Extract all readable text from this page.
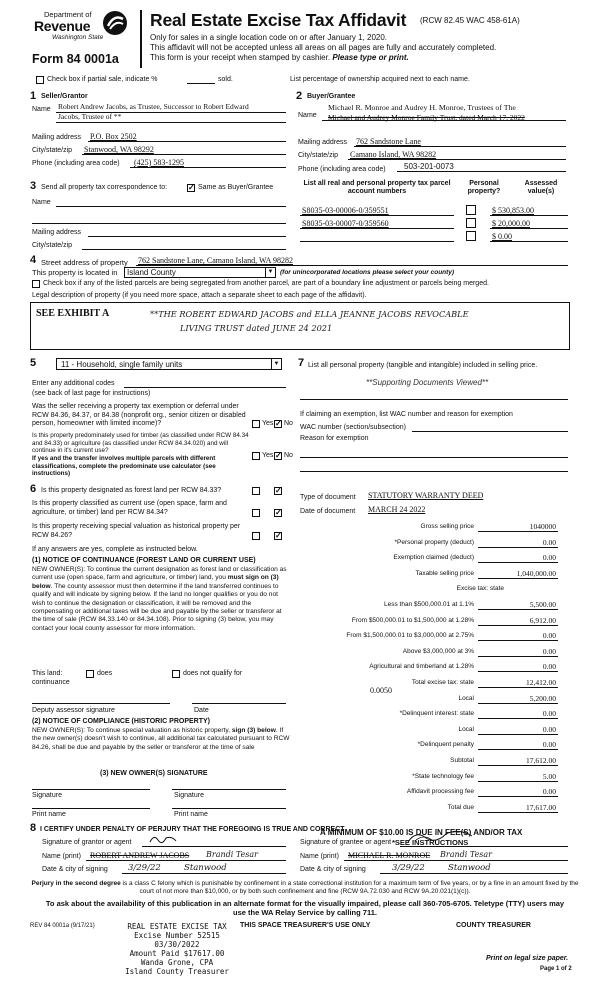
Department of
Revenue
Washington State
Form 84 0001a
Real Estate Excise Tax Affidavit (RCW 82.45 WAC 458-61A)
Only for sales in a single location code on or after January 1, 2020.
This affidavit will not be accepted unless all areas on all pages are fully and accurately completed.
This form is your receipt when stamped by cashier. Please type or print.
Check box if partial sale, indicate %	sold.	List percentage of ownership acquired next to each name.
1 Seller/Grantor
Name Robert Andrew Jacobs, as Trustee, Successor to Robert Edward
Jacobs, Trustee of **
Mailing address P.O. Box 2502
City/state/zip Stanwood, WA 98292
Phone (including area code) (425) 583-1295
2 Buyer/Grantee
Name
Michael R. Monroe and Audrey H. Monroe, Trustees of The
Michael and Audrey Monroe Family Trust, dated March 17, 2022
Mailing address 762 Sandstone Lane
City/state/zip Camano Island, WA 98282
Phone (including area code) 503-201-0073
3 Send all property tax correspondence to:	✓ Same as Buyer/Grantee
Name
Mailing address
City/state/zip
List all real and personal property tax parcel account numbers
Personal property?
Assessed value(s)
S8035-03-00006-0/359551	$ 530,853.00
S8035-03-00007-0/359560	$ 20,000.00
$ 0.00
4 Street address of property 762 Sandstone Lane, Camano Island, WA 98282
This property is located in Island County	▼ (for unincorporated locations please select your county)
Check box if any of the listed parcels are being segregated from another parcel, are part of a boundary line adjustment or parcels being merged.
Legal description of property (if you need more space, attach a separate sheet to each page of the affidavit).
SEE EXHIBIT A	**THE ROBERT EDWARD JACOBS and ELLA JEANNE JACOBS REVOCABLE
LIVING TRUST dated JUNE 24 2021
5	11 - Household, single family units	▼
Enter any additional codes
(see back of last page for instructions)
Was the seller receiving a property tax exemption or deferral under RCW 84.36, 84.37, or 84.38 (nonprofit org., senior citizen or disabled person, homeowner with limited income)?	Yes ✓ No
Is this property predominately used for timber (as classified under RCW 84.34 and 84.33) or agriculture (as classified under RCW 84.34.020) and will continue in it's current use?
If yes and the transfer involves multiple parcels with different classifications, complete the predominate use calculator (see instructions)
Yes ✓ No
6 Is this property designated as forest land per RCW 84.33?	✓
Is this property classified as current use (open space, farm and agriculture, or timber) land per RCW 84.34?	✓
Is this property receiving special valuation as historical property per RCW 84.26?	✓
If any answers are yes, complete as instructed below.
(1) NOTICE OF CONTINUANCE (FOREST LAND OR CURRENT USE)
NEW OWNER(S): To continue the current designation as forest land or classification as current use (open space, farm and agriculture, or timber) land, you must sign on (3) below. The county assessor must then determine if the land transferred continues to qualify and will indicate by signing below. If the land no longer qualifies or you do not wish to continue the designation or classification, it will be removed and the compensating or additional taxes will be due and payable by the seller or transferor at the time of sale (RCW 84.33.140 or 84.34.108). Prior to signing (3) below, you may contact your local county assessor for more information.
This land:	does	does not qualify for
continuance
Deputy assessor signature	Date
(2) NOTICE OF COMPLIANCE (HISTORIC PROPERTY)
NEW OWNER(S): To continue special valuation as historic property, sign (3) below. If the new owner(s) doesn't wish to continue, all additional tax calculated pursuant to RCW 84.26, shall be due and payable by the seller or transferor at the time of sale
(3) NEW OWNER(S) SIGNATURE
Signature	Signature
Print name	Print name
7 List all personal property (tangible and intangible) included in selling price.
**Supporting Documents Viewed**
If claiming an exemption, list WAC number and reason for exemption
WAC number (section/subsection)
Reason for exemption
Type of document STATUTORY WARRANTY DEED
Date of document MARCH 24 2022
Gross selling price	1040000
*Personal property (deduct)	0.00
Exemption claimed (deduct)	0.00
Taxable selling price	1,040,000.00
Excise tax: state
Less than $500,000.01 at 1.1%	5,500.00
From $500,000.01 to $1,500,000 at 1.28%	6,912.00
From $1,500,000.01 to $3,000,000 at 2.75%	0.00
Above $3,000,000 at 3%	0.00
Agricultural and timberland at 1.28%	0.00
Total excise tax: state	12,412.00
Local	5,200.00
*Delinquent interest: state	0.00
Local	0.00
*Delinquent penalty	0.00
Subtotal	17,612.00
*State technology fee	5.00
Affidavit processing fee	0.00
Total due	17,617.00
0.0050
A MINIMUM OF $10.00 IS DUE IN FEE(S) AND/OR TAX
*SEE INSTRUCTIONS
8 I CERTIFY UNDER PENALTY OF PERJURY THAT THE FOREGOING IS TRUE AND CORRECT
Signature of grantor or agent
Name (print) ROBERT ANDREW JACOBS Brandi Tesar
Date & city of signing 3/29/22	Stanwood
Signature of grantee or agent
Name (print) MICHAEL R. MONROE Brandi Tesar
Date & city of signing	3/29/22	Stanwood
Perjury in the second degree is a class C felony which is punishable by confinement in a state correctional institution for a maximum term of five years, or by a fine in an amount fixed by the court of not more than $10,000, or by both such confinement and fine (RCW 9A.72.030 and RCW 9A.20.021(1)(c)).
To ask about the availability of this publication in an alternate format for the visually impaired, please call 360-705-6705. Teletype (TTY) users may use the WA Relay Service by calling 711.
REV 84 0001a (9/17/21)	THIS SPACE TREASURER'S USE ONLY	COUNTY TREASURER
REAL ESTATE EXCISE TAX
Excise Number 52515
03/30/2022
Amount Paid $17617.00
Wanda Grone, CPA
Island County Treasurer
Print on legal size paper.
Page 1 of 2
